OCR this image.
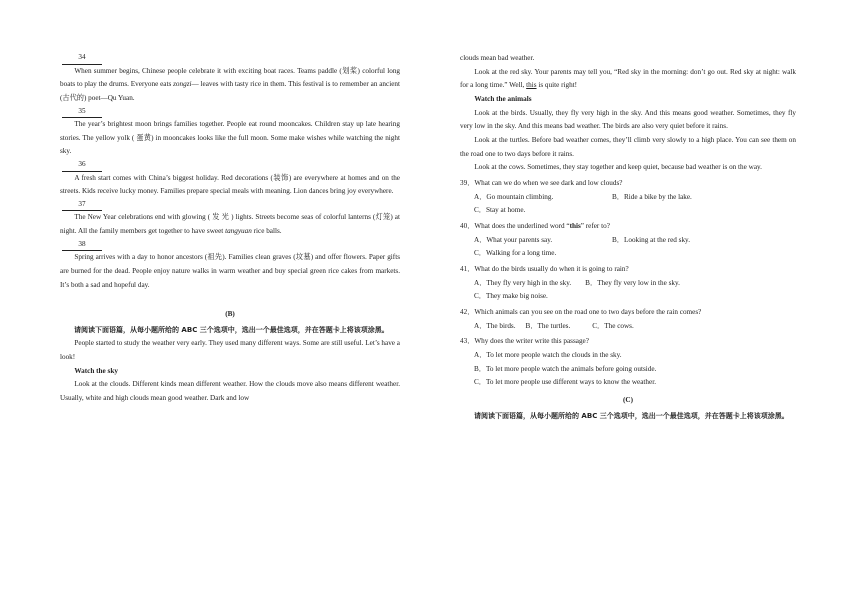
34

When summer begins, Chinese people celebrate it with exciting boat races. Teams paddle (划桨) colorful long boats to play the drums. Everyone eats zongzi— leaves with tasty rice in them. This festival is to remember an ancient (古代的) poet—Qu Yuan.

35

The year’s brightest moon brings families together. People eat round mooncakes. Children stay up late hearing stories. The yellow yolk ( 蛋黄) in mooncakes looks like the full moon. Some make wishes while watching the night sky.

36

A fresh start comes with China’s biggest holiday. Red decorations (装饰) are everywhere at homes and on the streets. Kids receive lucky money. Families prepare special meals with meaning. Lion dances bring joy everywhere.

37

The New Year celebrations end with glowing ( 发 光 ) lights. Streets become seas of colorful lanterns (灯笼) at night. All the family members get together to have sweet tangyuan rice balls.

38

Spring arrives with a day to honor ancestors (祖先). Families clean graves (坟墓) and offer flowers. Paper gifts are burned for the dead. People enjoy nature walks in warm weather and buy special green rice cakes from markets. It’s both a sad and hopeful day.

(B)

请阅读下面语篇，从每小题所给的 ABC 三个选项中，选出一个最佳选项，并在答题卡上将该项涂黑。

People started to study the weather very early. They used many different ways. Some are still useful. Let’s have a look!

Watch the sky

Look at the clouds. Different kinds mean different weather. How the clouds move also means different weather. Usually, white and high clouds mean good weather. Dark and low

clouds mean bad weather.

Look at the red sky. Your parents may tell you, “Red sky in the morning: don’t go out. Red sky at night: walk for a long time.” Well, this is quite right!

Watch the animals

Look at the birds. Usually, they fly very high in the sky. And this means good weather. Sometimes, they fly very low in the sky. And this means bad weather. The birds are also very quiet before it rains.

Look at the turtles. Before bad weather comes, they’ll climb very slowly to a high place. You can see them on the road one to two days before it rains.

Look at the cows. Sometimes, they stay together and keep quiet, because bad weather is on the way.

39．What can we do when we see dark and low clouds?

A．Go mountain climbing.	B．Ride a bike by the lake.
C．Stay at home.

40．What does the underlined word “this” refer to?

A．What your parents say.	B．Looking at the red sky.
C．Walking for a long time.

41．What do the birds usually do when it is going to rain?

A．They fly very high in the sky. B．They fly very low in the sky.
C．They make big noise.

42．Which animals can you see on the road one to two days before the rain comes?

A．The birds. B．The turtles.	C．The cows.

43．Why does the writer write this passage?

A．To let more people watch the clouds in the sky.
B．To let more people watch the animals before going outside.
C．To let more people use different ways to know the weather.

(C)

请阅读下面语篇，从每小题所给的 ABC 三个选项中，选出一个最佳选项，并在答题卡上将该项涂黑。
